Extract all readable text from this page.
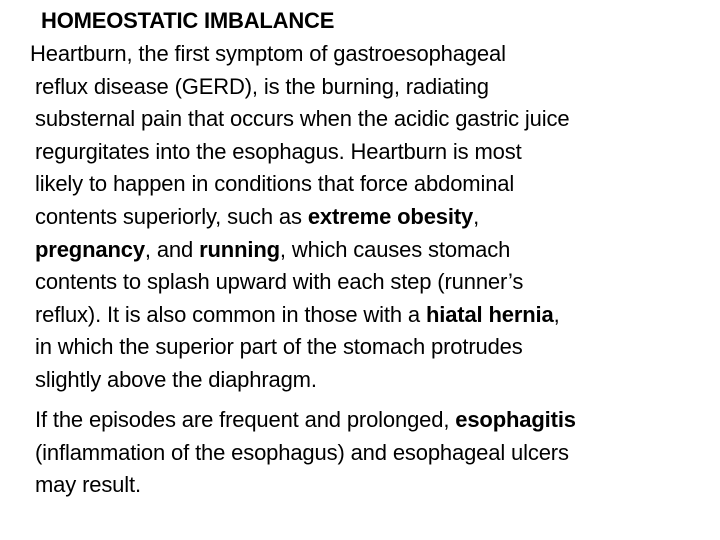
HOMEOSTATIC IMBALANCE
Heartburn, the first symptom of gastroesophageal
reflux disease (GERD), is the burning, radiating
substernal pain that occurs when the acidic gastric juice
regurgitates into the esophagus. Heartburn is most
likely to happen in conditions that force abdominal
contents superiorly, such as extreme obesity,
pregnancy, and running, which causes stomach
contents to splash upward with each step (runner’s
reflux). It is also common in those with a hiatal hernia,
in which the superior part of the stomach protrudes
slightly above the diaphragm.
If the episodes are frequent and prolonged, esophagitis
(inflammation of the esophagus) and esophageal ulcers
may result.
